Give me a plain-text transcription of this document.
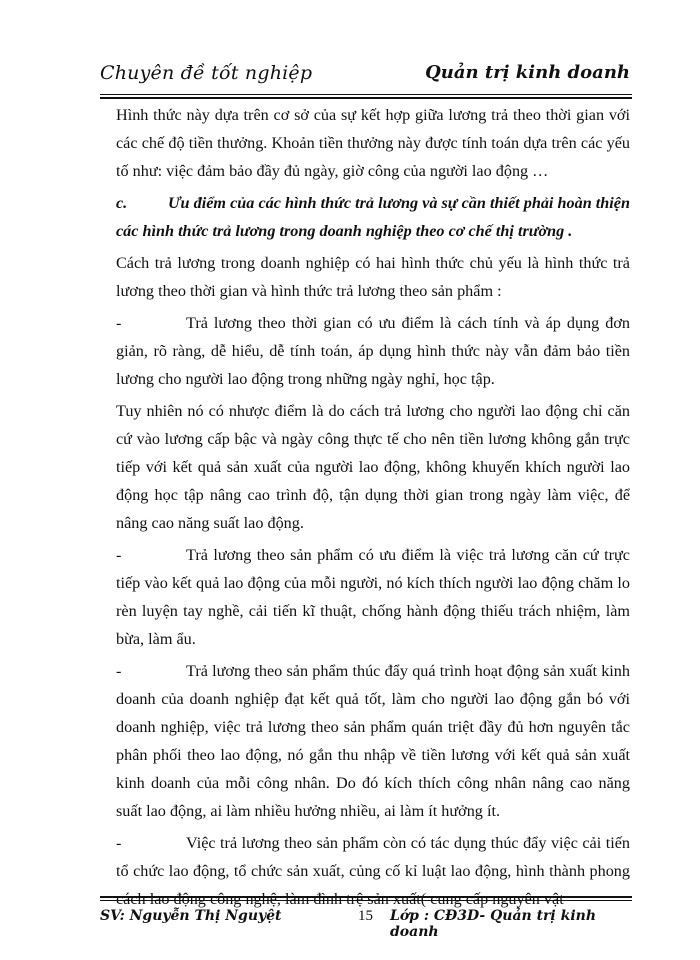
Chuyên đề tốt nghiệp	Quản trị kinh doanh

Hình thức này dựa trên cơ sở của sự kết hợp giữa lương trả theo thời gian với các chế độ tiền thưởng. Khoản tiền thưởng này được tính toán dựa trên các yếu tố như: việc đảm bảo đầy đủ ngày, giờ công của người lao động …

c.	Ưu điểm của các hình thức trả lương và sự cần thiết phải hoàn thiện các hình thức trả lương trong doanh nghiệp theo cơ chế thị trường .

Cách trả lương trong doanh nghiệp có hai hình thức chủ yếu là hình thức trả lương theo thời gian và hình thức trả lương theo sản phẩm :

-	Trả lương theo thời gian có ưu điểm là cách tính và áp dụng đơn giản, rõ ràng, dễ hiểu, dễ tính toán, áp dụng hình thức này vẫn đảm bảo tiền lương cho người lao động trong những ngày nghỉ, học tập.

Tuy nhiên nó có nhược điểm là do cách trả lương cho người lao động chỉ căn cứ vào lương cấp bậc và ngày công thực tế cho nên tiền lương không gắn trực tiếp với kết quả sản xuất của người lao động, không khuyến khích người lao động học tập nâng cao trình độ, tận dụng thời gian trong ngày làm việc, để nâng cao năng suất lao động.

-	Trả lương theo sản phẩm có ưu điểm là việc trả lương căn cứ trực tiếp vào kết quả lao động của mỗi người, nó kích thích người lao động chăm lo rèn luyện tay nghề, cải tiến kĩ thuật, chống hành động thiếu trách nhiệm, làm bừa, làm ẩu.

-	Trả lương theo sản phẩm thúc đẩy quá trình hoạt động sản xuất kinh doanh của doanh nghiệp đạt kết quả tốt, làm cho người lao động gắn bó với doanh nghiệp, việc trả lương theo sản phẩm quán triệt đầy đủ hơn nguyên tắc phân phối theo lao động, nó gắn thu nhập về tiền lương với kết quả sản xuất kinh doanh của mỗi công nhân. Do đó kích thích công nhân nâng cao năng suất lao động, ai làm nhiều hưởng nhiều, ai làm ít hưởng ít.

-	Việc trả lương theo sản phẩm còn có tác dụng thúc đẩy việc cải tiến tổ chức lao động, tổ chức sản xuất, củng cố kỉ luật lao động, hình thành phong cách lao động công nghệ, làm đình trệ sản xuất( cung cấp nguyên vật

SV: Nguyễn Thị Nguyệt	15 Lớp : CĐ3D- Quản trị kinh doanh
